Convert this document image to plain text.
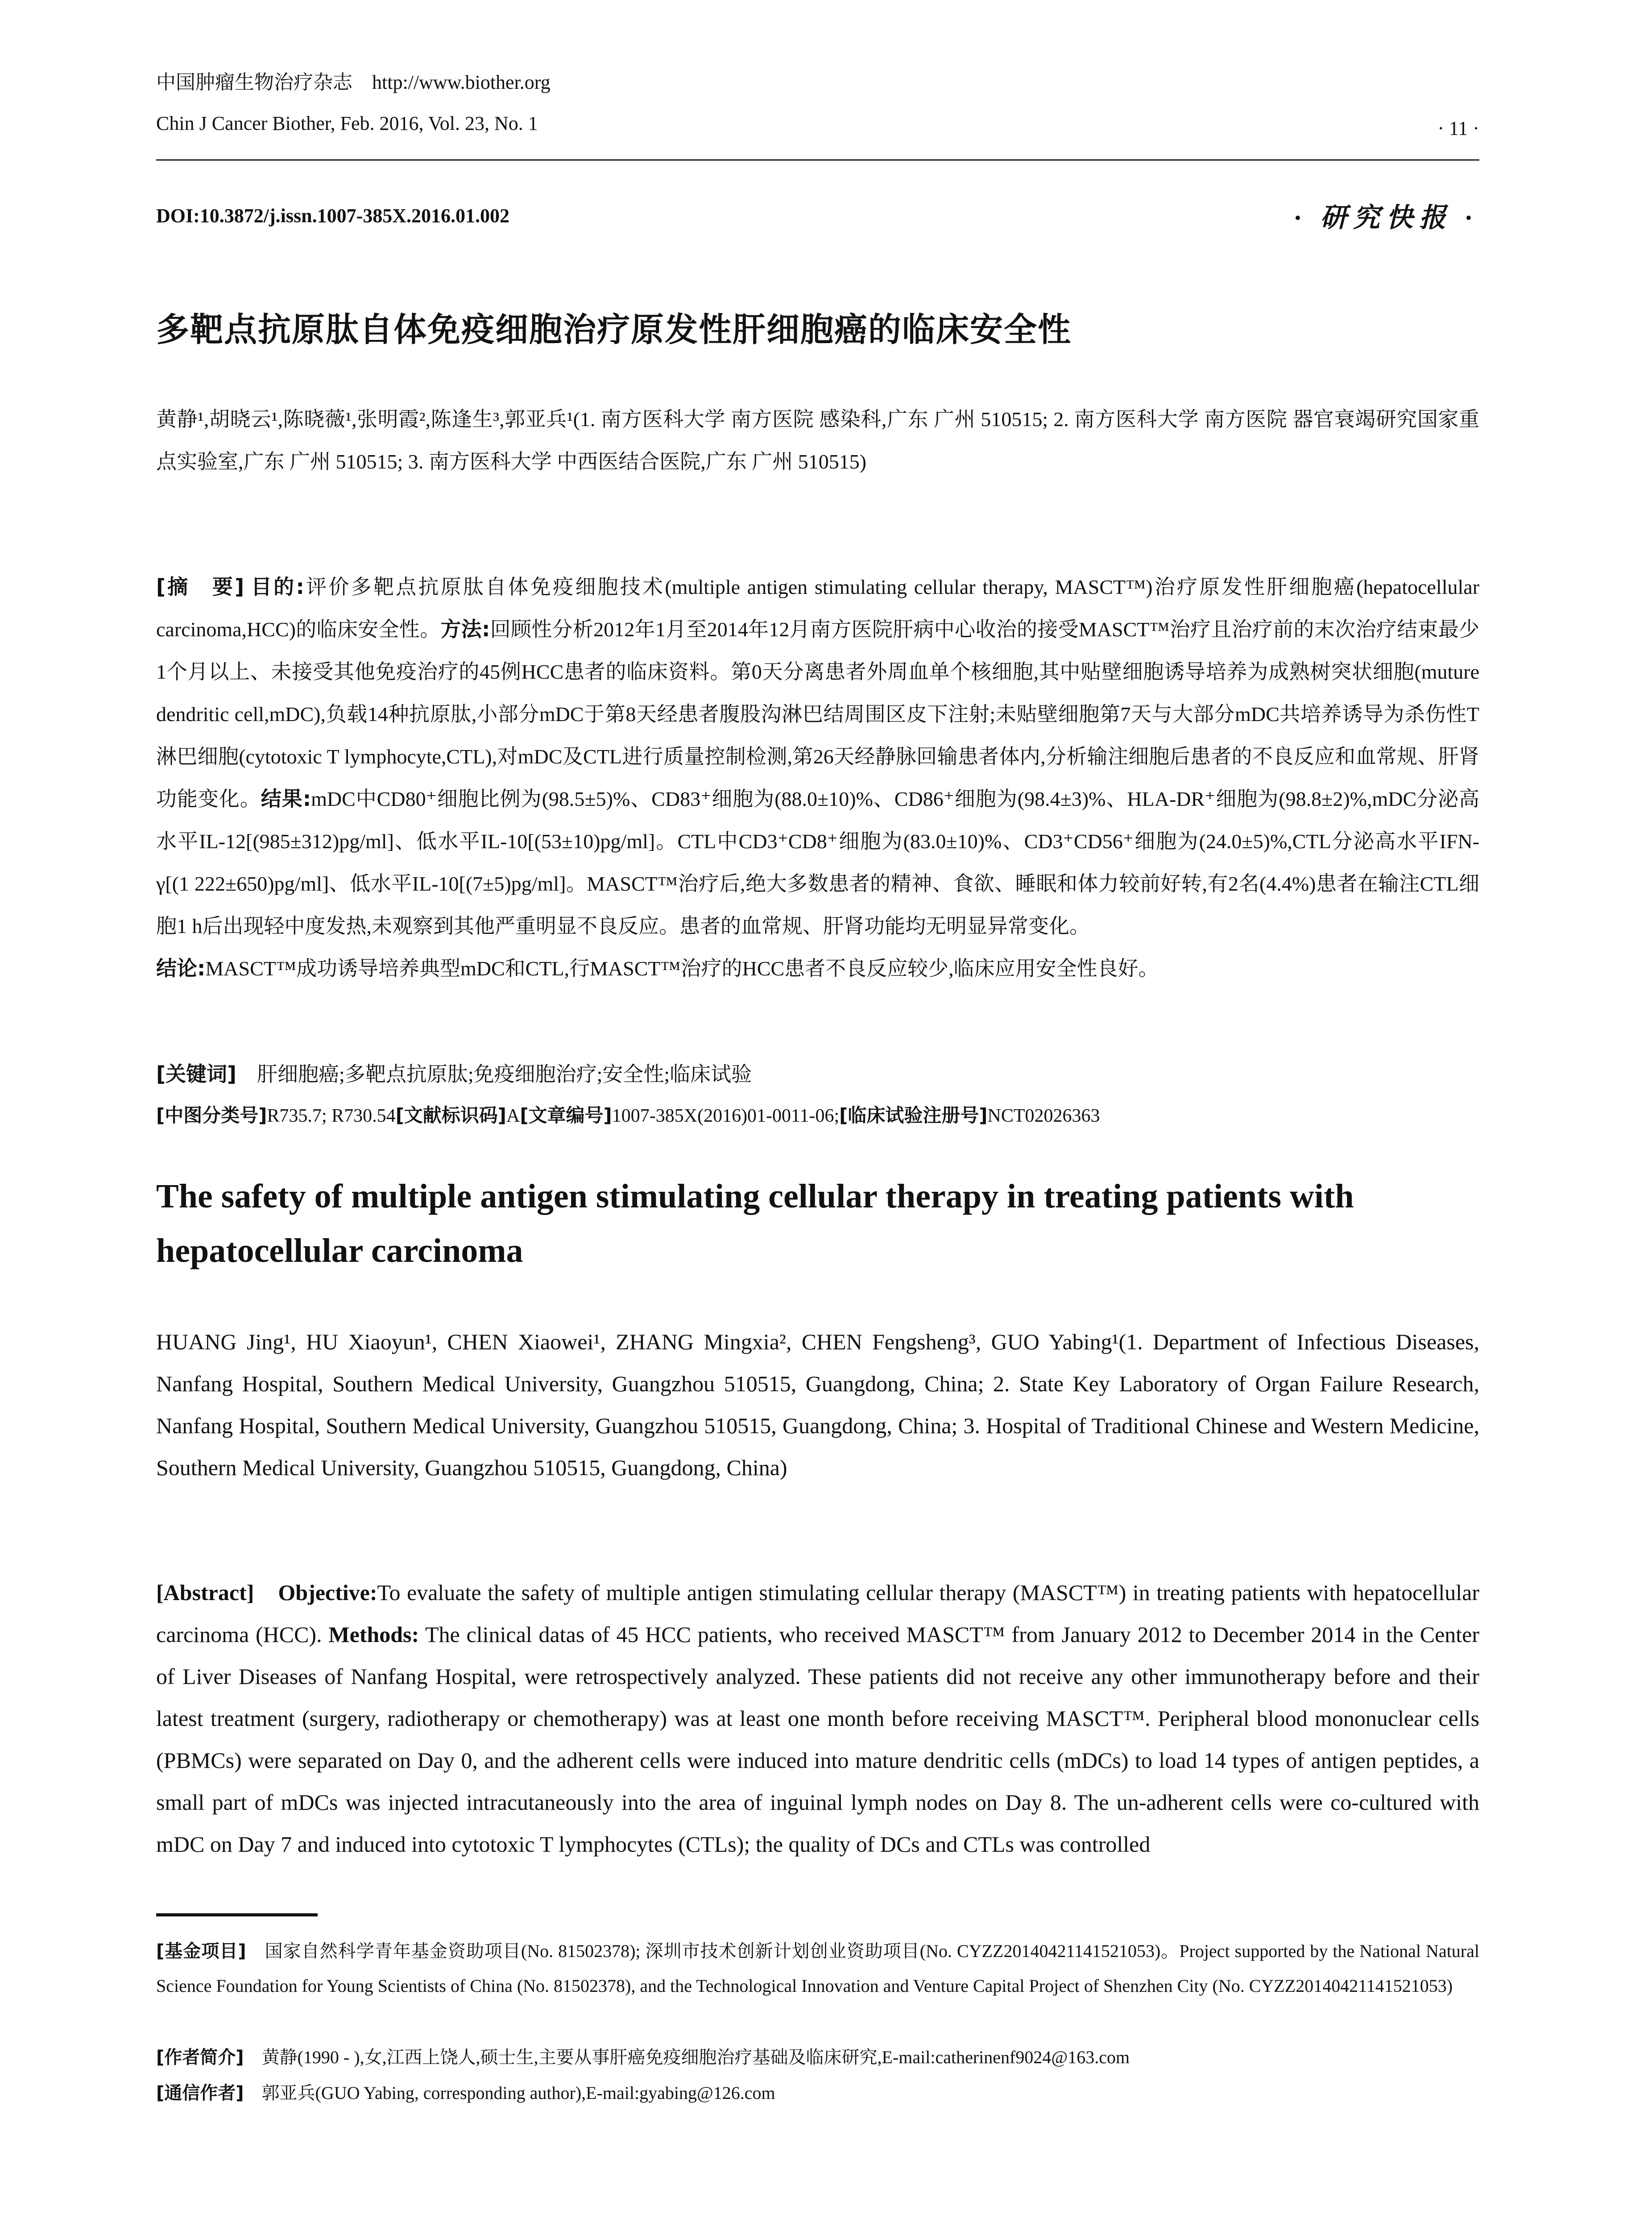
中国肿瘤生物治疗杂志　http://www.biother.org
Chin J Cancer Biother, Feb. 2016, Vol. 23, No. 1	· 11 ·
DOI:10.3872/j.issn.1007-385X.2016.01.002	· 研究快报 ·
多靶点抗原肽自体免疫细胞治疗原发性肝细胞癌的临床安全性
黄静¹,胡晓云¹,陈晓薇¹,张明霞²,陈逢生³,郭亚兵¹(1. 南方医科大学 南方医院 感染科,广东 广州 510515; 2. 南方医科大学 南方医院 器官衰竭研究国家重点实验室,广东 广州 510515; 3. 南方医科大学 中西医结合医院,广东 广州 510515)
[摘　要] 目的:评价多靶点抗原肽自体免疫细胞技术(multiple antigen stimulating cellular therapy, MASCT™)治疗原发性肝细胞癌(hepatocellular carcinoma,HCC)的临床安全性。方法:回顾性分析2012年1月至2014年12月南方医院肝病中心收治的接受MASCT™治疗且治疗前的末次治疗结束最少1个月以上、未接受其他免疫治疗的45例HCC患者的临床资料。第0天分离患者外周血单个核细胞,其中贴壁细胞诱导培养为成熟树突状细胞(muture dendritic cell,mDC),负载14种抗原肽,小部分mDC于第8天经患者腹股沟淋巴结周围区皮下注射;未贴壁细胞第7天与大部分mDC共培养诱导为杀伤性T淋巴细胞(cytotoxic T lymphocyte,CTL),对mDC及CTL进行质量控制检测,第26天经静脉回输患者体内,分析输注细胞后患者的不良反应和血常规、肝肾功能变化。结果:mDC中CD80⁺细胞比例为(98.5±5)%、CD83⁺细胞为(88.0±10)%、CD86⁺细胞为(98.4±3)%、HLA-DR⁺细胞为(98.8±2)%,mDC分泌高水平IL-12[(985±312)pg/ml]、低水平IL-10[(53±10)pg/ml]。CTL中CD3⁺CD8⁺细胞为(83.0±10)%、CD3⁺CD56⁺细胞为(24.0±5)%,CTL分泌高水平IFN-γ[(1 222±650)pg/ml]、低水平IL-10[(7±5)pg/ml]。MASCT™治疗后,绝大多数患者的精神、食欲、睡眠和体力较前好转,有2名(4.4%)患者在输注CTL细胞1 h后出现轻中度发热,未观察到其他严重明显不良反应。患者的血常规、肝肾功能均无明显异常变化。
结论:MASCT™成功诱导培养典型mDC和CTL,行MASCT™治疗的HCC患者不良反应较少,临床应用安全性良好。
[关键词]　 肝细胞癌;多靶点抗原肽;免疫细胞治疗;安全性;临床试验
[中图分类号]R735.7; R730.54[文献标识码]A[文章编号]1007-385X(2016)01-0011-06;[临床试验注册号]NCT02026363
The safety of multiple antigen stimulating cellular therapy in treating patients with hepatocellular carcinoma
HUANG Jing¹, HU Xiaoyun¹, CHEN Xiaowei¹, ZHANG Mingxia², CHEN Fengsheng³, GUO Yabing¹(1. Department of Infectious Diseases, Nanfang Hospital, Southern Medical University, Guangzhou 510515, Guangdong, China; 2. State Key Laboratory of Organ Failure Research, Nanfang Hospital, Southern Medical University, Guangzhou 510515, Guangdong, China; 3. Hospital of Traditional Chinese and Western Medicine, Southern Medical University, Guangzhou 510515, Guangdong, China)
[Abstract]　 Objective:To evaluate the safety of multiple antigen stimulating cellular therapy (MASCT™) in treating patients with hepatocellular carcinoma (HCC). Methods: The clinical datas of 45 HCC patients, who received MASCT™ from January 2012 to December 2014 in the Center of Liver Diseases of Nanfang Hospital, were retrospectively analyzed. These patients did not receive any other immunotherapy before and their latest treatment (surgery, radiotherapy or chemotherapy) was at least one month before receiving MASCT™. Peripheral blood mononuclear cells (PBMCs) were separated on Day 0, and the adherent cells were induced into mature dendritic cells (mDCs) to load 14 types of antigen peptides, a small part of mDCs was injected intracutaneously into the area of inguinal lymph nodes on Day 8. The un-adherent cells were co-cultured with mDC on Day 7 and induced into cytotoxic T lymphocytes (CTLs); the quality of DCs and CTLs was controlled
[基金项目]　 国家自然科学青年基金资助项目(No. 81502378); 深圳市技术创新计划创业资助项目(No. CYZZ20140421141521053)。Project supported by the National Natural Science Foundation for Young Scientists of China (No. 81502378), and the Technological Innovation and Venture Capital Project of Shenzhen City (No. CYZZ20140421141521053)
[作者简介]　 黄静(1990 - ),女,江西上饶人,硕士生,主要从事肝癌免疫细胞治疗基础及临床研究,E-mail:catherinenf9024@163.com
[通信作者]　 郭亚兵(GUO Yabing, corresponding author),E-mail:gyabing@126.com
